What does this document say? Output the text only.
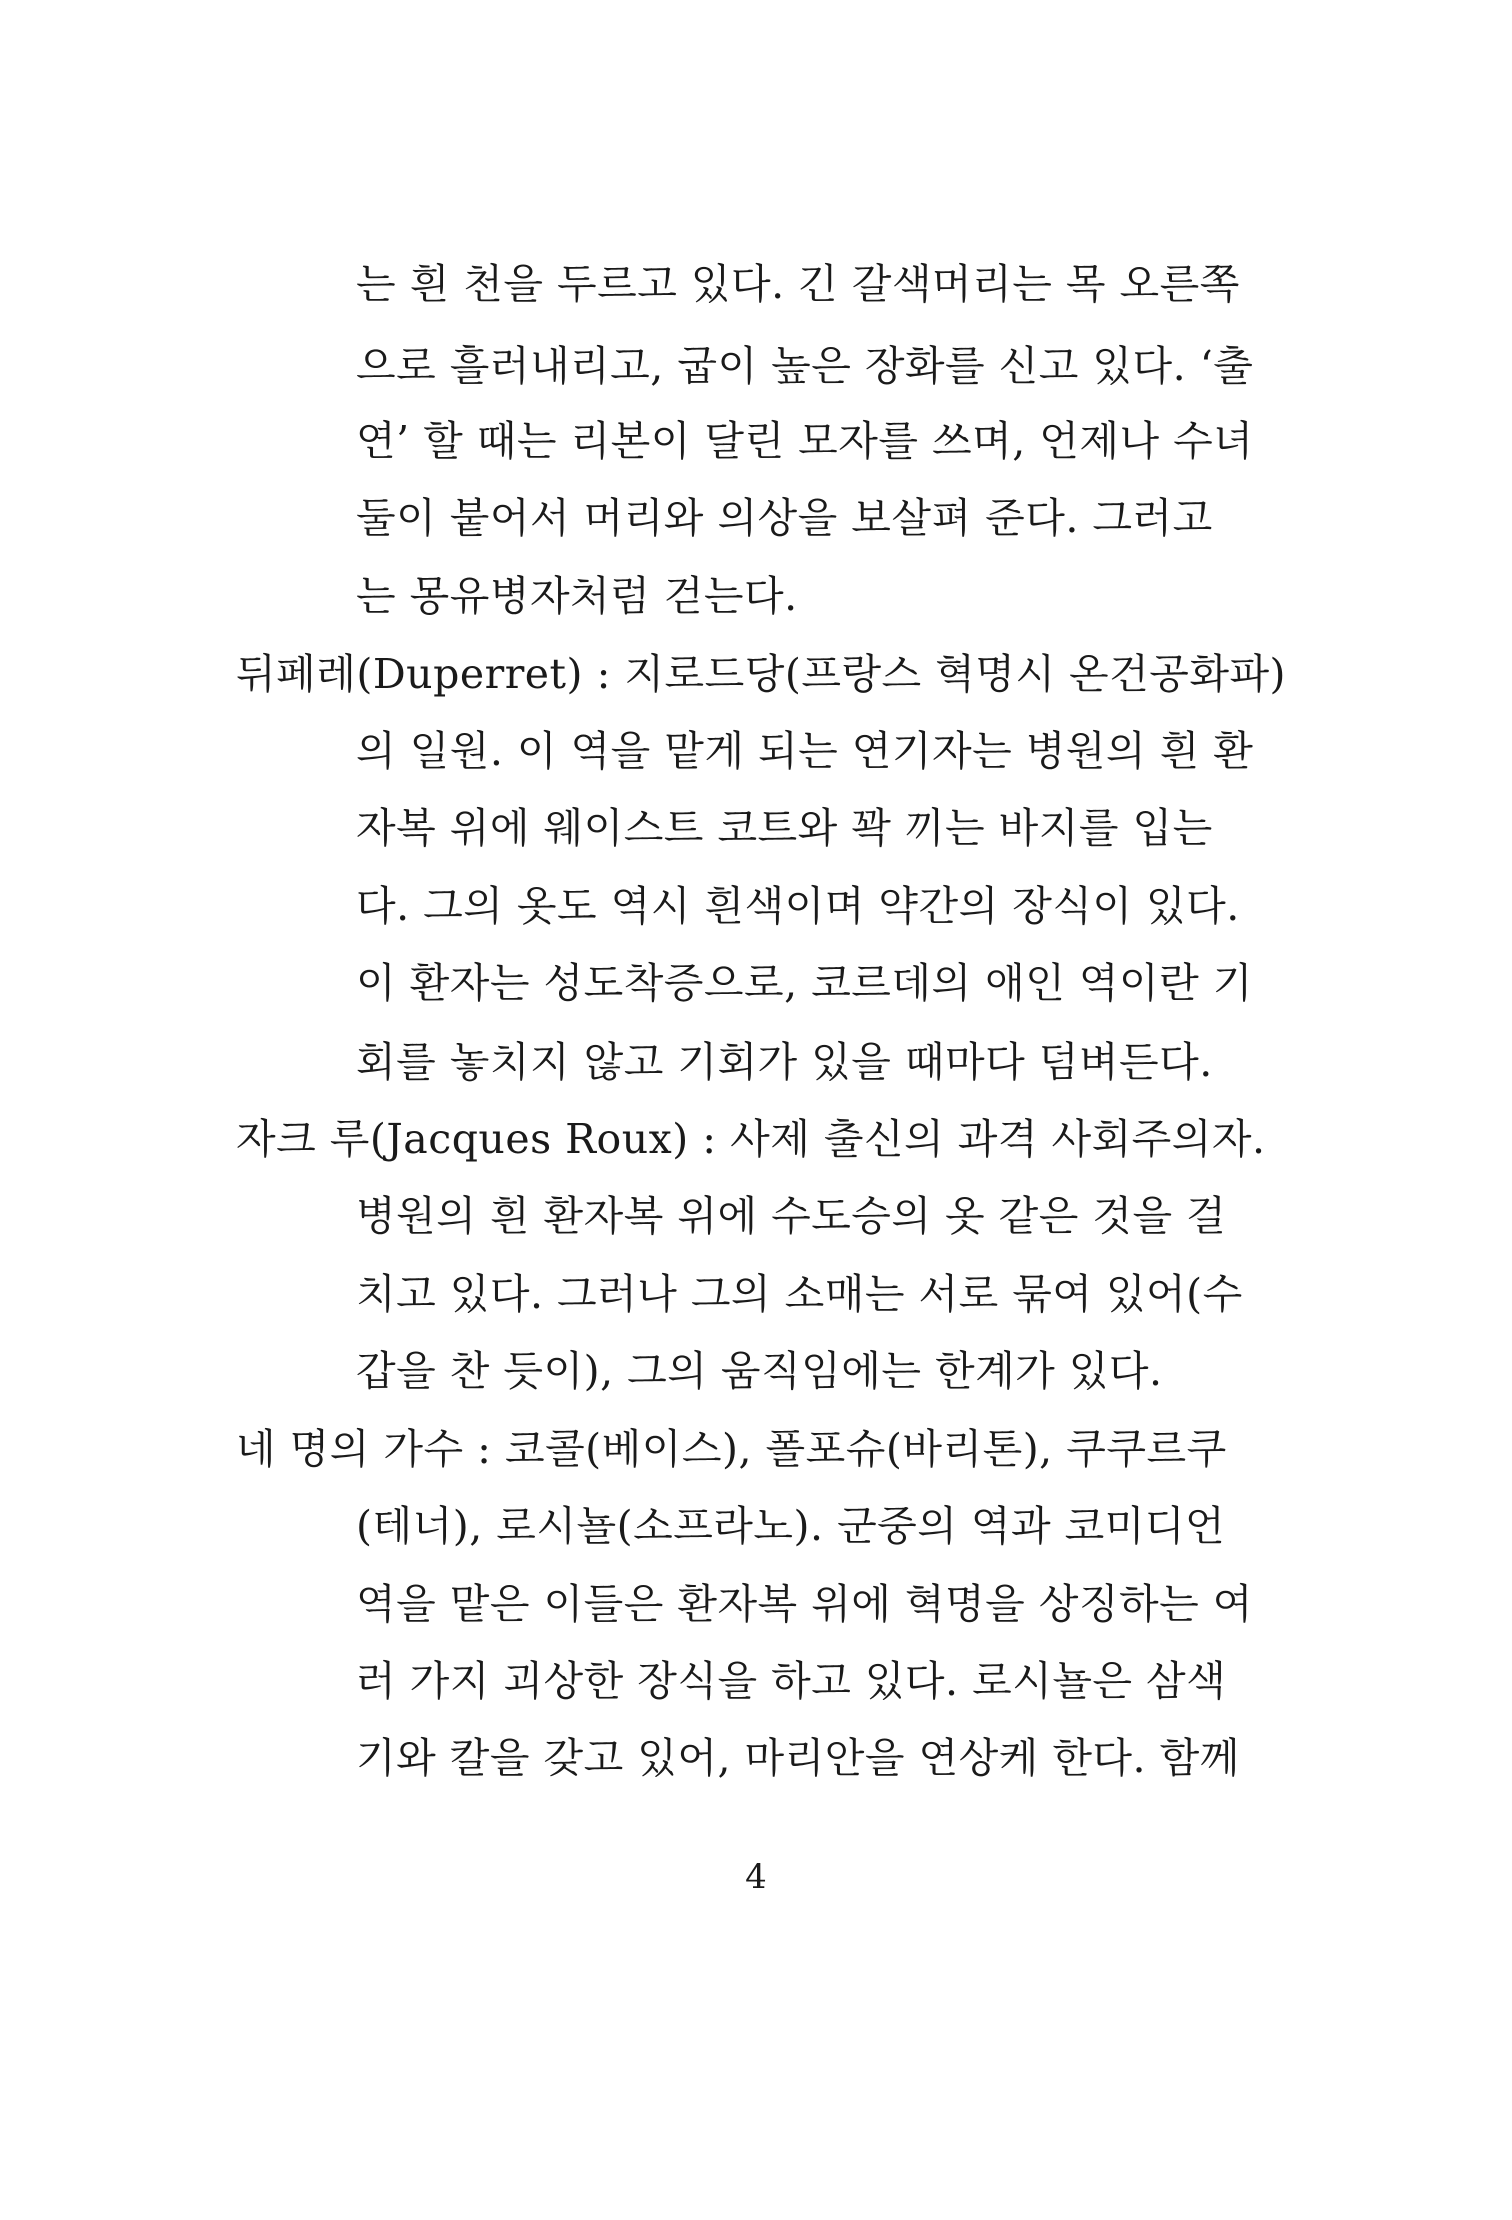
는 흰 천을 두르고 있다. 긴 갈색머리는 목 오른쪽
으로 흘러내리고, 굽이 높은 장화를 신고 있다. ‘출
연’ 할 때는 리본이 달린 모자를 쓰며, 언제나 수녀
둘이 붙어서 머리와 의상을 보살펴 준다. 그러고
는 몽유병자처럼 걷는다.
뒤페레(Duperret) : 지로드당(프랑스 혁명시 온건공화파)
의 일원. 이 역을 맡게 되는 연기자는 병원의 흰 환
자복 위에 웨이스트 코트와 꽉 끼는 바지를 입는
다. 그의 옷도 역시 흰색이며 약간의 장식이 있다.
이 환자는 성도착증으로, 코르데의 애인 역이란 기
회를 놓치지 않고 기회가 있을 때마다 덤벼든다.
자크 루(Jacques Roux) : 사제 출신의 과격 사회주의자.
병원의 흰 환자복 위에 수도승의 옷 같은 것을 걸
치고 있다. 그러나 그의 소매는 서로 묶여 있어(수
갑을 찬 듯이), 그의 움직임에는 한계가 있다.
네 명의 가수 : 코콜(베이스), 폴포슈(바리톤), 쿠쿠르쿠
(테너), 로시뇰(소프라노). 군중의 역과 코미디언
역을 맡은 이들은 환자복 위에 혁명을 상징하는 여
러 가지 괴상한 장식을 하고 있다. 로시뇰은 삼색
기와 칼을 갖고 있어, 마리안을 연상케 한다. 함께
4
